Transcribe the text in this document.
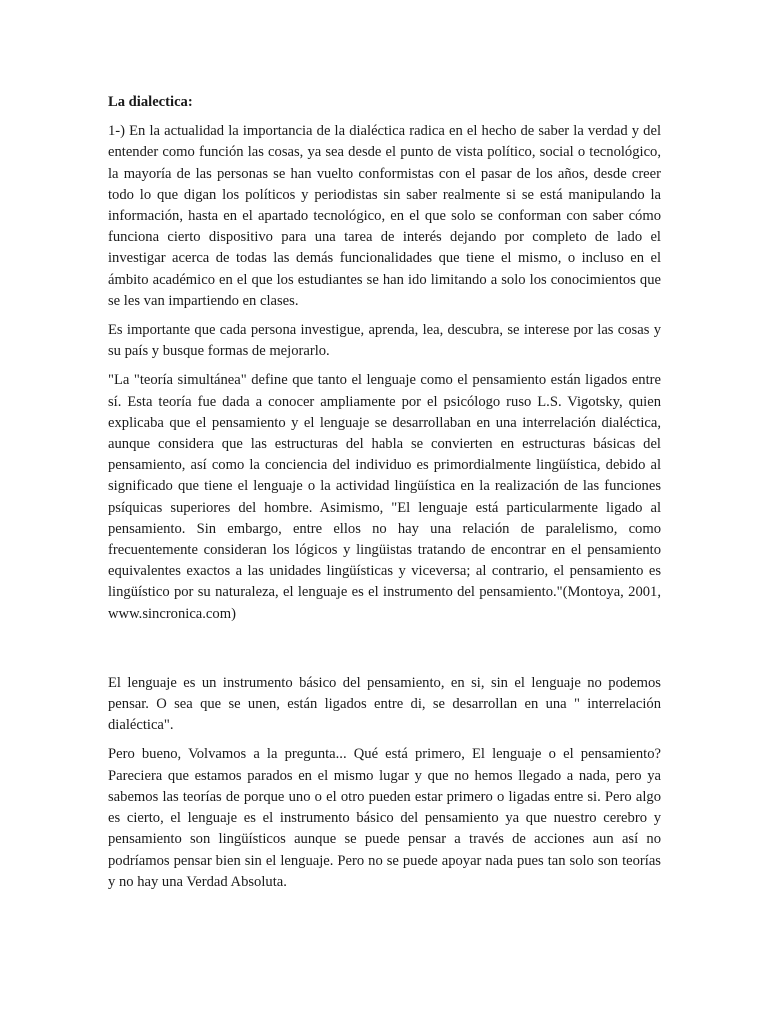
La dialectica:

1-) En la actualidad la importancia de la dialéctica radica en el hecho de saber la verdad y del entender como función las cosas, ya sea desde el punto de vista político, social o tecnológico, la mayoría de las personas se han vuelto conformistas con el pasar de los años, desde creer todo lo que digan los políticos y periodistas sin saber realmente si se está manipulando la información, hasta en el apartado tecnológico, en el que solo se conforman con saber cómo funciona cierto dispositivo para una tarea de interés dejando por completo de lado el investigar acerca de todas las demás funcionalidades que tiene el mismo, o incluso en el ámbito académico en el que los estudiantes se han ido limitando a solo los conocimientos que se les van impartiendo en clases.

Es importante que cada persona investigue, aprenda, lea, descubra, se interese por las cosas y su país y busque formas de mejorarlo.

"La "teoría simultánea" define que tanto el lenguaje como el pensamiento están ligados entre sí. Esta teoría fue dada a conocer ampliamente por el psicólogo ruso L.S. Vigotsky, quien explicaba que el pensamiento y el lenguaje se desarrollaban en una interrelación dialéctica, aunque considera que las estructuras del habla se convierten en estructuras básicas del pensamiento, así como la conciencia del individuo es primordialmente lingüística, debido al significado que tiene el lenguaje o la actividad lingüística en la realización de las funciones psíquicas superiores del hombre. Asimismo, "El lenguaje está particularmente ligado al pensamiento. Sin embargo, entre ellos no hay una relación de paralelismo, como frecuentemente consideran los lógicos y lingüistas tratando de encontrar en el pensamiento equivalentes exactos a las unidades lingüísticas y viceversa; al contrario, el pensamiento es lingüístico por su naturaleza, el lenguaje es el instrumento del pensamiento."(Montoya, 2001, www.sincronica.com)

El lenguaje es un instrumento básico del pensamiento, en si, sin el lenguaje no podemos pensar. O sea que se unen, están ligados entre di, se desarrollan en una " interrelación dialéctica".

Pero bueno, Volvamos a la pregunta... Qué está primero, El lenguaje o el pensamiento? Pareciera que estamos parados en el mismo lugar y que no hemos llegado a nada, pero ya sabemos las teorías de porque uno o el otro pueden estar primero o ligadas entre si. Pero algo es cierto, el lenguaje es el instrumento básico del pensamiento ya que nuestro cerebro y pensamiento son lingüísticos aunque se puede pensar a través de acciones aun así no podríamos pensar bien sin el lenguaje. Pero no se puede apoyar nada pues tan solo son teorías y no hay una Verdad Absoluta.
